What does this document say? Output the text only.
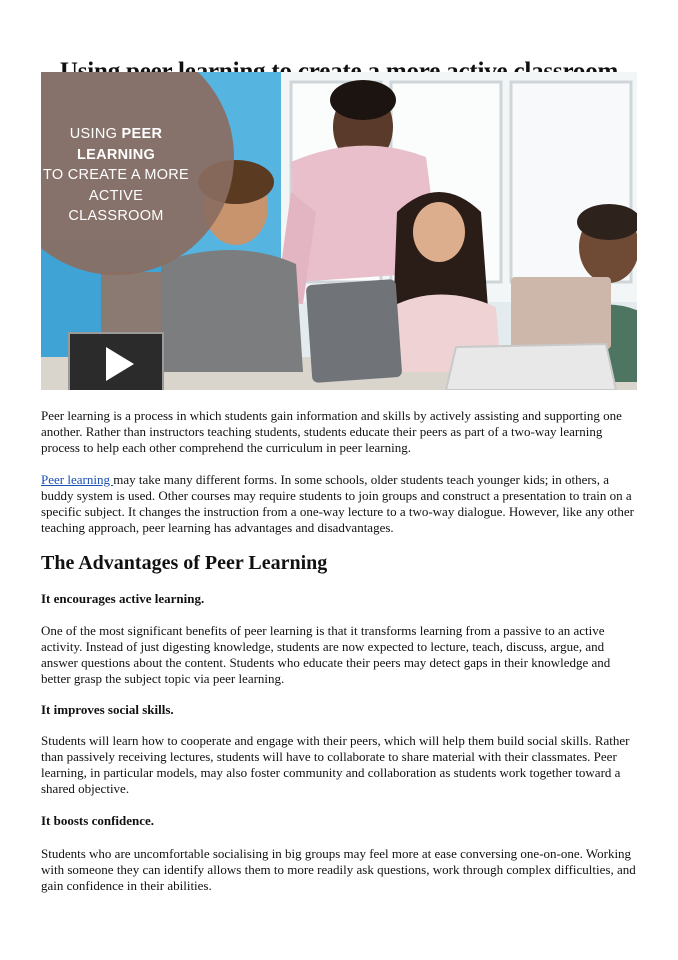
USING PEER LEARNING
TO CREATE A MORE
ACTIVE CLASSROOM

Peer learning is a process in which students gain information and skills by actively assisting and supporting one another. Rather than instructors teaching students, students educate their peers as part of a two-way learning process to help each other comprehend the curriculum in peer learning.

Peer learning may take many different forms. In some schools, older students teach younger kids; in others, a buddy system is used. Other courses may require students to join groups and construct a presentation to train on a specific subject. It changes the instruction from a one-way lecture to a two-way dialogue. However, like any other teaching approach, peer learning has advantages and disadvantages.

The Advantages of Peer Learning
It encourages active learning.

One of the most significant benefits of peer learning is that it transforms learning from a passive to an active activity. Instead of just digesting knowledge, students are now expected to lecture, teach, discuss, argue, and answer questions about the content. Students who educate their peers may detect gaps in their knowledge and better grasp the subject topic via peer learning.

It improves social skills.

Students will learn how to cooperate and engage with their peers, which will help them build social skills. Rather than passively receiving lectures, students will have to collaborate to share material with their classmates. Peer learning, in particular models, may also foster community and collaboration as students work together toward a shared objective.

It boosts confidence.

Students who are uncomfortable socialising in big groups may feel more at ease conversing one-on-one. Working with someone they can identify allows them to more readily ask questions, work through complex difficulties, and gain confidence in their abilities.
